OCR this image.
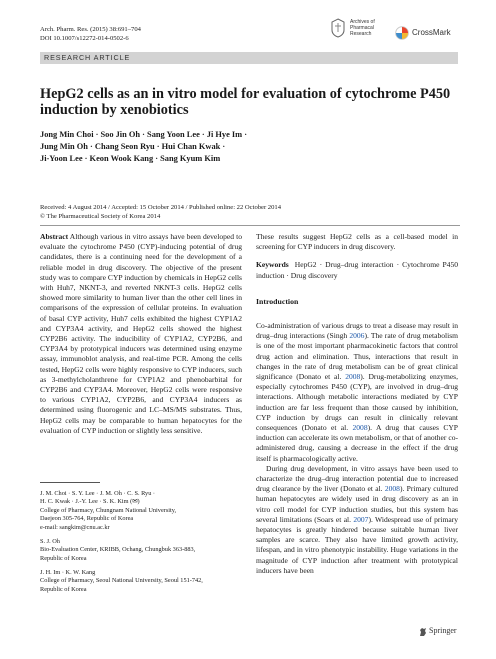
Arch. Pharm. Res. (2015) 38:691–704
DOI 10.1007/s12272-014-0502-6
Archives of
Pharmacal
Research	CrossMark
RESEARCH ARTICLE
HepG2 cells as an in vitro model for evaluation of cytochrome P450 induction by xenobiotics
Jong Min Choi · Soo Jin Oh · Sang Yoon Lee · Ji Hye Im ·
Jung Min Oh · Chang Seon Ryu · Hui Chan Kwak ·
Ji-Yoon Lee · Keon Wook Kang · Sang Kyum Kim
Received: 4 August 2014 / Accepted: 15 October 2014 / Published online: 22 October 2014
© The Pharmaceutical Society of Korea 2014

Abstract Although various in vitro assays have been developed to evaluate the cytochrome P450 (CYP)-inducing potential of drug candidates, there is a continuing need for the development of a reliable model in drug discovery. The objective of the present study was to compare CYP induction by chemicals in HepG2 cells with Huh7, NKNT-3, and reverted NKNT-3 cells. HepG2 cells showed more similarity to human liver than the other cell lines in comparisons of the expression of cellular proteins. In evaluation of basal CYP activity, Huh7 cells exhibited the highest CYP1A2 and CYP3A4 activity, and HepG2 cells showed the highest CYP2B6 activity. The inducibility of CYP1A2, CYP2B6, and CYP3A4 by prototypical inducers was determined using enzyme assay, immunoblot analysis, and real-time PCR. Among the cells tested, HepG2 cells were highly responsive to CYP inducers, such as 3-methylcholanthrene for CYP1A2 and phenobarbital for CYP2B6 and CYP3A4. Moreover, HepG2 cells were responsive to various CYP1A2, CYP2B6, and CYP3A4 inducers as determined using fluorogenic and LC–MS/MS substrates. Thus, HepG2 cells may be comparable to human hepatocytes for the evaluation of CYP induction or slightly less sensitive.

J. M. Choi · S. Y. Lee · J. M. Oh · C. S. Ryu ·

H. C. Kwak · J.-Y. Lee · S. K. Kim (✉)

College of Pharmacy, Chungnam National University,

Daejeon 305-764, Republic of Korea

e-mail: sangkim@cnu.ac.kr

S. J. Oh

Bio-Evaluation Center, KRIBB, Ochang, Chungbuk 363-883,

Republic of Korea

J. H. Im · K. W. Kang

College of Pharmacy, Seoul National University, Seoul 151-742,

Republic of Korea

These results suggest HepG2 cells as a cell-based model in screening for CYP inducers in drug discovery.

Keywords HepG2 · Drug–drug interaction · Cytochrome P450 induction · Drug discovery

Introduction

Co-administration of various drugs to treat a disease may result in drug–drug interactions (Singh 2006). The rate of drug metabolism is one of the most important pharmacokinetic factors that control drug action and elimination. Thus, interactions that result in changes in the rate of drug metabolism can be of great clinical significance (Donato et al. 2008). Drug-metabolizing enzymes, especially cytochromes P450 (CYP), are involved in drug–drug interactions. Although metabolic interactions mediated by CYP induction are far less frequent than those caused by inhibition, CYP induction by drugs can result in clinically relevant consequences (Donato et al. 2008). A drug that causes CYP induction can accelerate its own metabolism, or that of another co-administered drug, causing a decrease in the effect if the drug itself is pharmacologically active.

During drug development, in vitro assays have been used to characterize the drug–drug interaction potential due to increased drug clearance by the liver (Donato et al. 2008). Primary cultured human hepatocytes are widely used in drug discovery as an in vitro cell model for CYP induction studies, but this system has several limitations (Soars et al. 2007). Widespread use of primary hepatocytes is greatly hindered because suitable human liver samples are scarce. They also have limited growth activity, lifespan, and in vitro phenotypic instability. Huge variations in the magnitude of CYP induction after treatment with prototypical inducers have been

Springer
